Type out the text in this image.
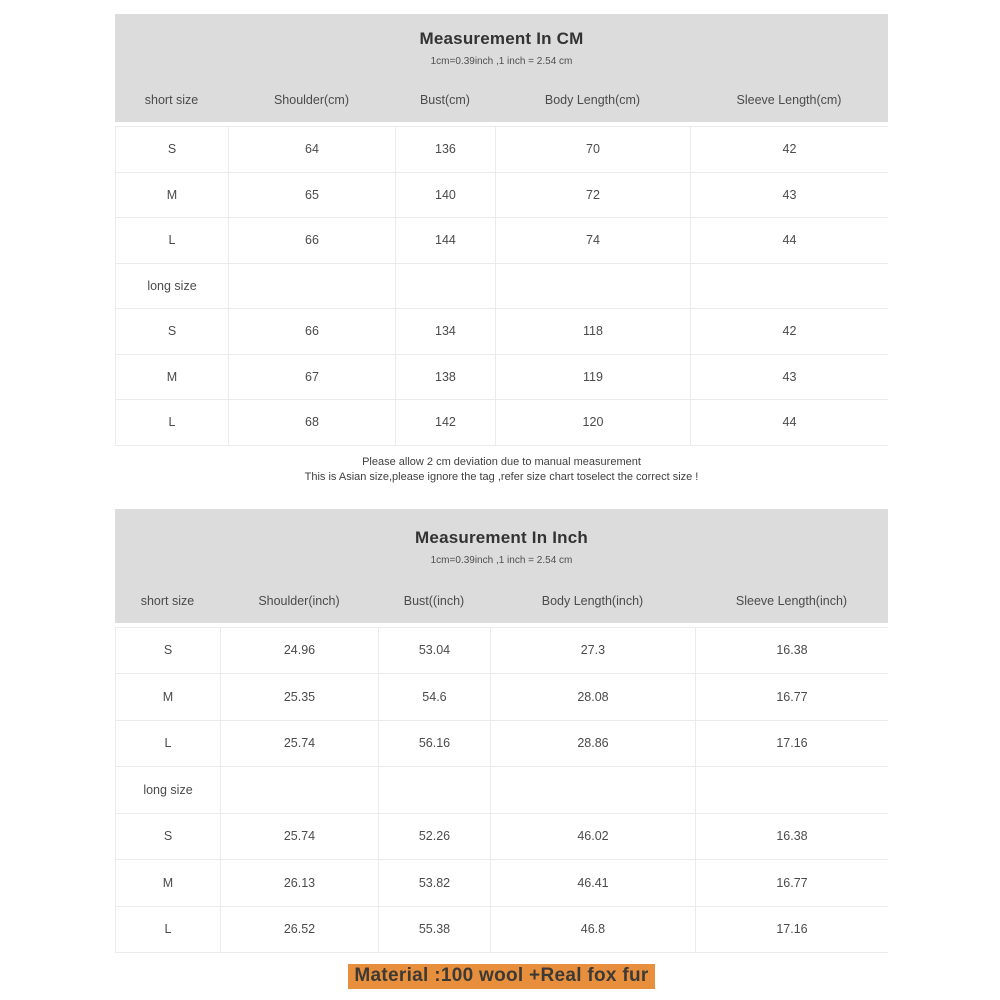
Measurement In CM
1cm=0.39inch ,1 inch = 2.54 cm
short size	Shoulder(cm)	Bust(cm)	Body Length(cm)	Sleeve Length(cm)
S	64	136	70	42
M	65	140	72	43
L	66	144	74	44
long size
S	66	134	118	42
M	67	138	119	43
L	68	142	120	44
Please allow 2 cm deviation due to manual measurement
This is Asian size,please ignore the tag ,refer size chart toselect the correct size !
Measurement In Inch
1cm=0.39inch ,1 inch = 2.54 cm
short size	Shoulder(inch)	Bust((inch)	Body Length(inch)	Sleeve Length(inch)
S	24.96	53.04	27.3	16.38
M	25.35	54.6	28.08	16.77
L	25.74	56.16	28.86	17.16
long size
S	25.74	52.26	46.02	16.38
M	26.13	53.82	46.41	16.77
L	26.52	55.38	46.8	17.16
Material :100 wool +Real fox fur
